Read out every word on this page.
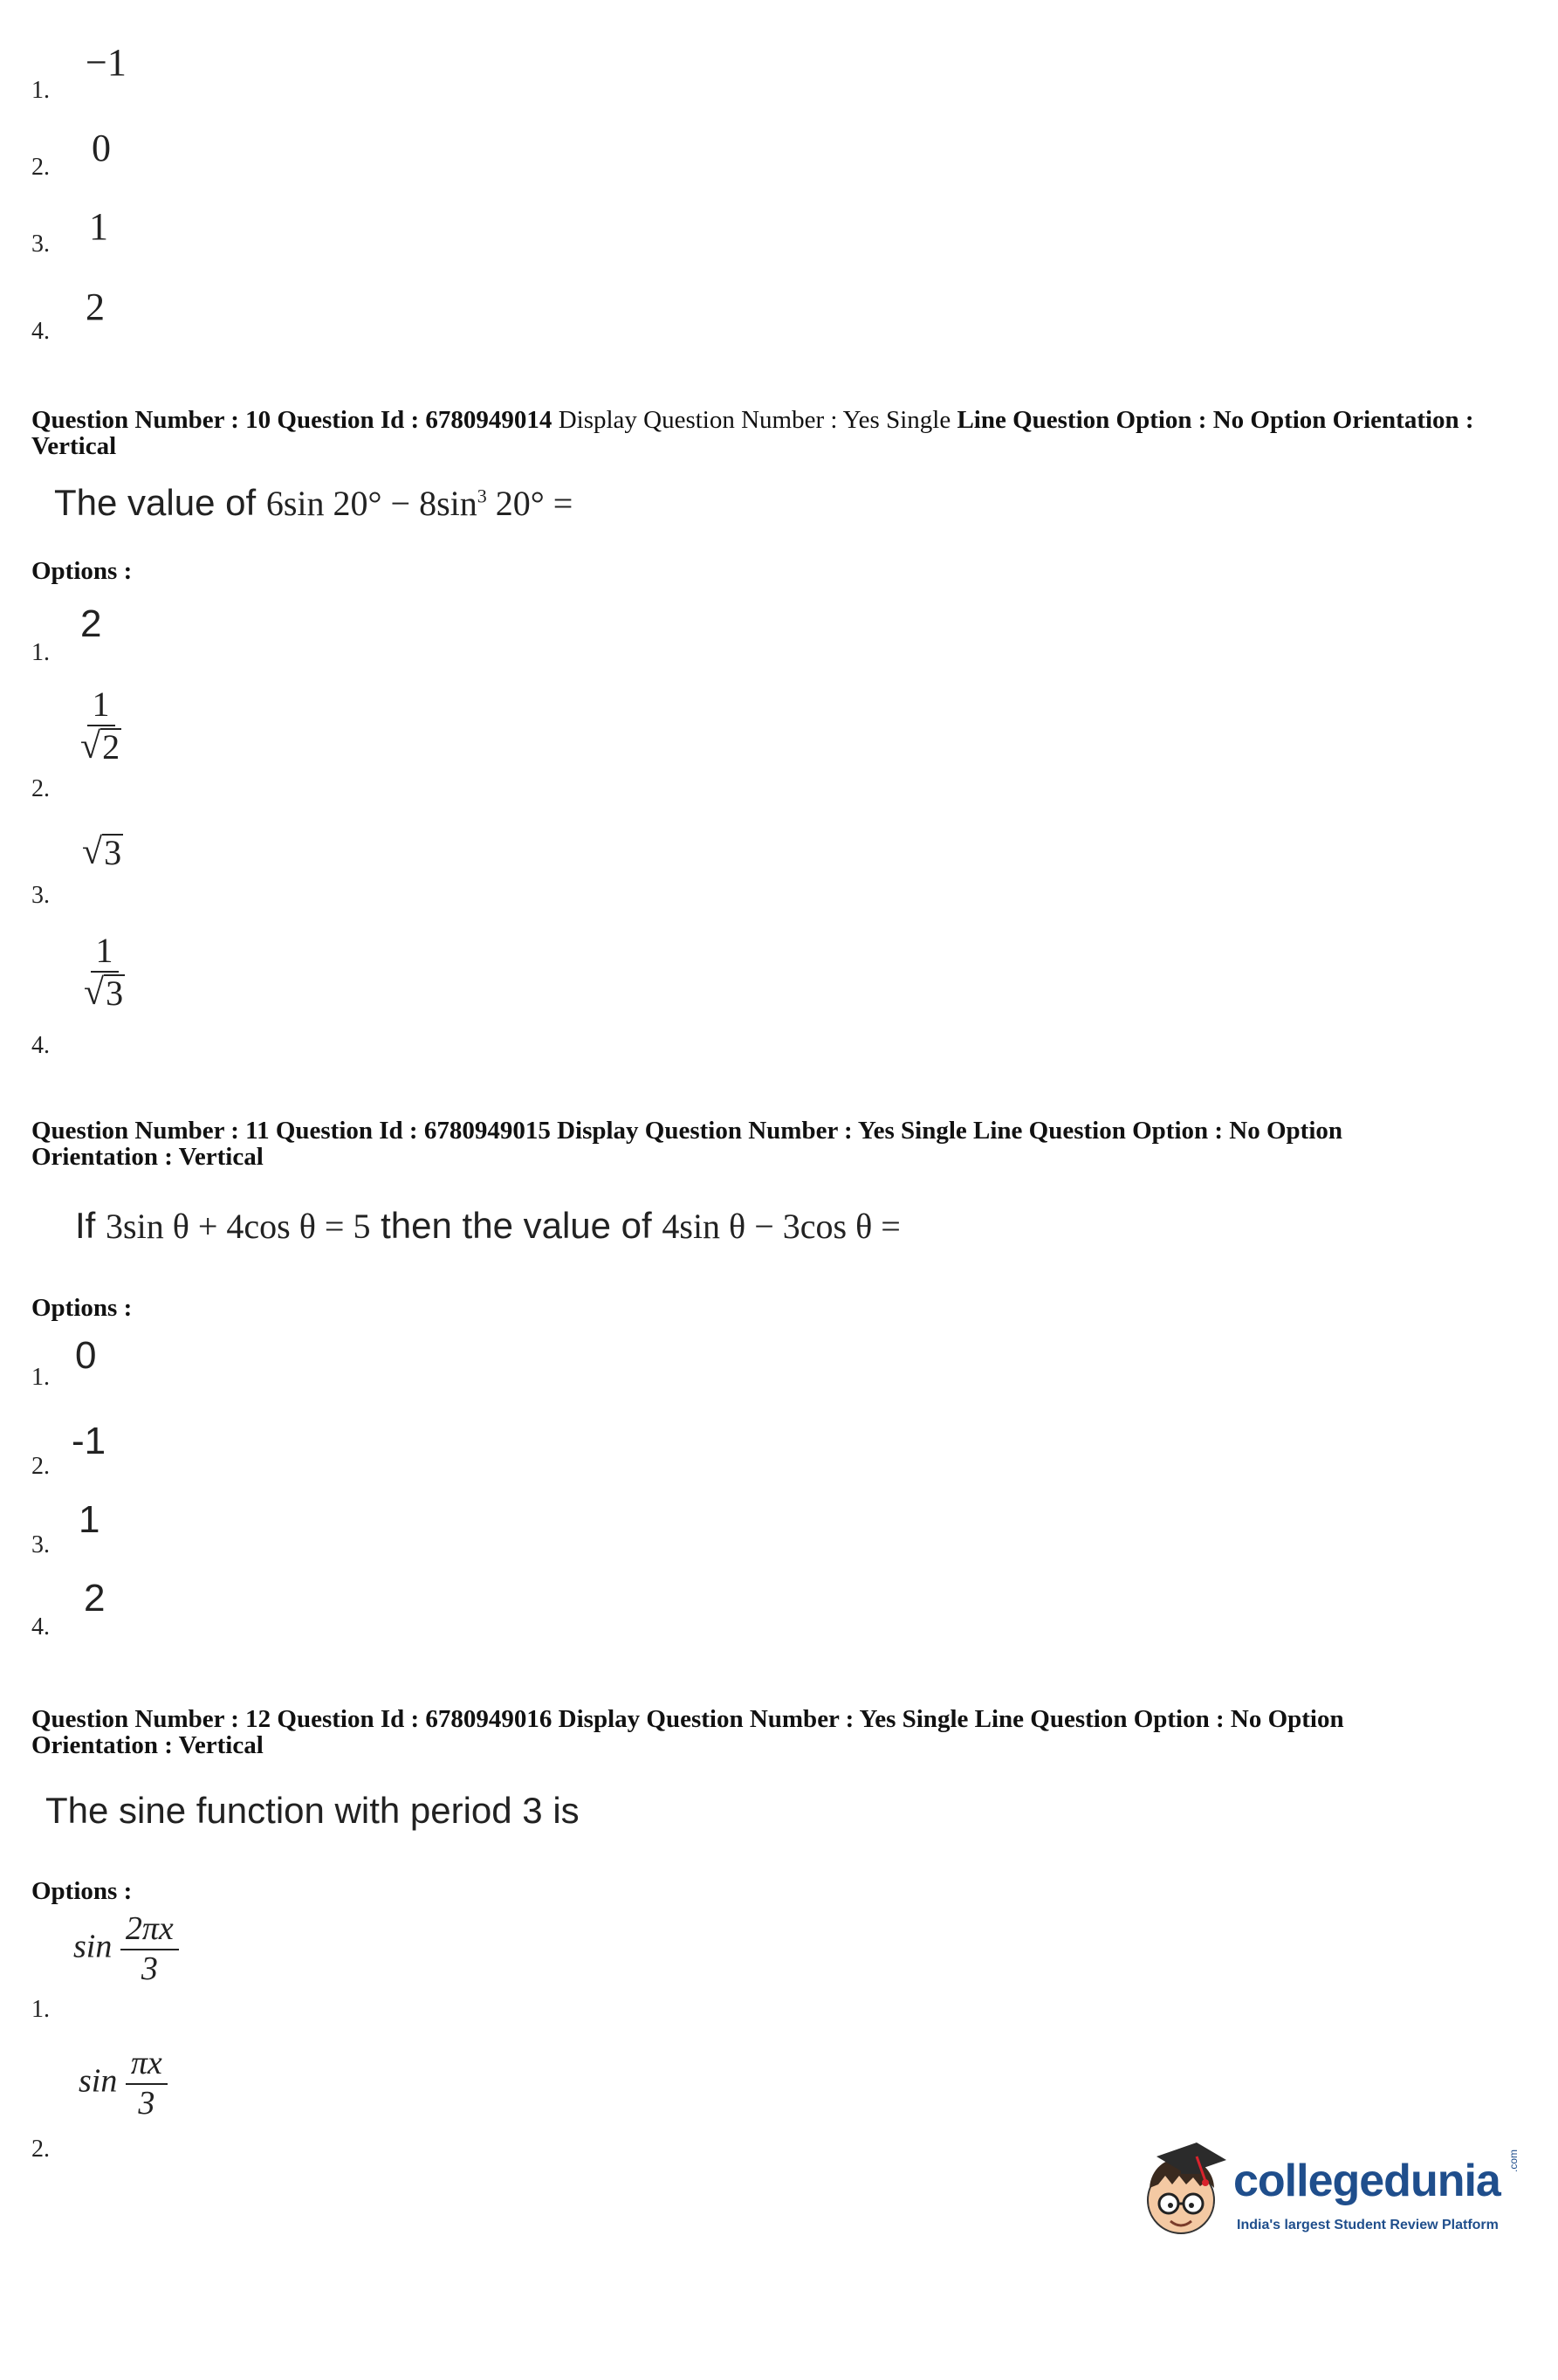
1.
−1
2. 0
3. 1
4.
2
Question Number : 10 Question Id : 6780949014 Display Question Number : Yes Single Line Question Option : No Option Orientation : Vertical
The value of 6sin $20^\circ - 8\sin^3$ 20° =
Options :
1.
2
2.
$\frac{1}{√ 2}$
3.
√ 3
4.
$\frac{1}{√ 3}$
Question Number : 11 Question Id : 6780949015 Display Question Number : Yes Single Line Question Option : No Option
Orientation : Vertical
If 3sin θ + 4cos θ = 5 then the value of 4sin θ − 3cos θ =
Options :
1.
0
2.
-1
3.
1
4.
2
Question Number : 12 Question Id : 6780949016 Display Question Number : Yes Single Line Question Option : No Option
Orientation : Vertical
The sine function with period 3 is
Options :
1.
$\sin \frac{2\pi x}{3}$
2.
$\sin \frac{\pi x}{3}$
collegedunia .com
India's largest Student Review Platform
